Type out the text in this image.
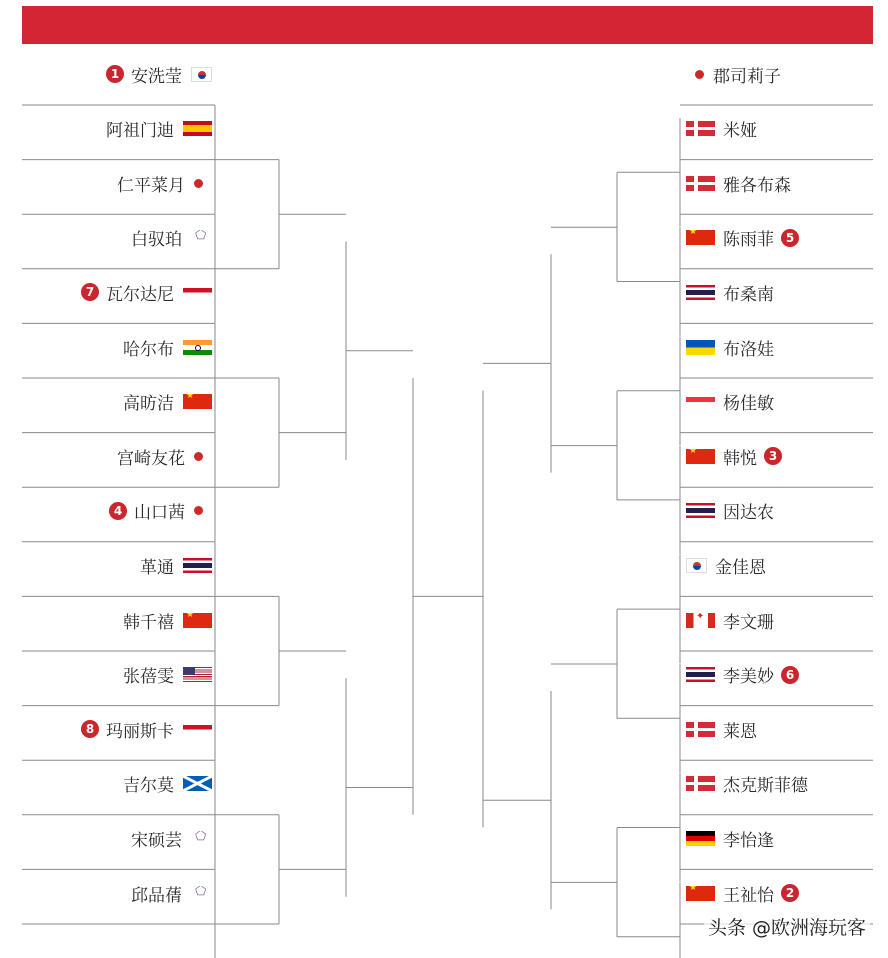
1 安洗莹
阿祖门迪
仁平菜月
白驭珀
⬠
7 瓦尔达尼
哈尔布
高昉洁
★
宫崎友花
4 山口茜
革通
韩千禧
★
张蓓雯
8 玛丽斯卡
吉尔莫
宋硕芸
⬠
邱品蒨
⬠
郡司莉子
米娅
雅各布森
★
陈雨菲 5
布桑南
布洛娃
杨佳敏
★
韩悦 3
因达农
金佳恩
✦
李文珊
李美妙 6
莱恩
杰克斯菲德
李怡逢
★
王祉怡 2
头条 @欧洲海玩客
